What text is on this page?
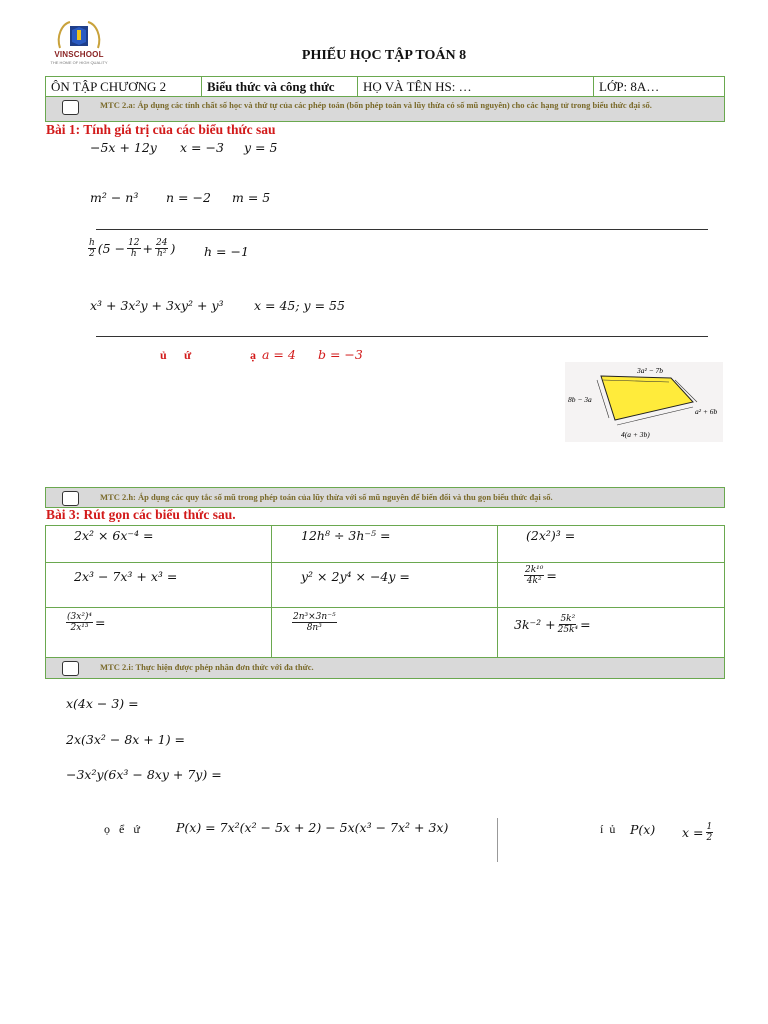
VINSCHOOL
THE HOME OF HIGH QUALITY	PHIẾU HỌC TẬP TOÁN 8
ÔN TẬP CHƯƠNG 2	Biểu thức và công thức	HỌ VÀ TÊN HS: …	LỚP: 8A…
MTC 2.a: Áp dụng các tính chất số học và thứ tự của các phép toán (bốn phép toán và lũy thừa có số mũ nguyên) cho các hạng tử trong biểu thức đại số.
Bài 1: Tính giá trị của các biểu thức sau
−5x + 12y x = −3 y = 5
m² − n³ n = −2 m = 5
$\frac{h}{2} (5 - \frac{12}{h} + \frac{24}{\text{h²}}$ ) h = −1
x³ + 3x²y + 3xy² + y³ x = 45; y = 55
ủ ứ	ạ a = 4 b = −3
3a² − 7b
8b − 3a
a² + 6b
4(a + 3b)
MTC 2.h: Áp dụng các quy tắc số mũ trong phép toán của lũy thừa với số mũ nguyên để biến đổi và thu gọn biểu thức đại số.
Bài 3: Rút gọn các biểu thức sau.
2x² × 6x⁻⁴ =	12h⁸ ÷ 3h⁻⁵ =	(2x²)³ =
2x³ − 7x³ + x³ =	y² × 2y⁴ × −4y =	$\frac{\text{2k¹⁰}}{\text{4k²}}$ =
$\frac{\text{(3x²)⁴}}{\text{2x¹³}}$ =	$\frac{\text{2n³×3n⁻⁵}}{\text{8n³}}$	$3k^{-2} + \frac{\text{5k²}}{\text{25k⁴}}$ =
MTC 2.i: Thực hiện được phép nhân đơn thức với đa thức.
x(4x − 3) =
2x(3x² − 8x + 1) =
−3x²y(6x³ − 8xy + 7y) =
ọ   ể   ứ	P(x) = 7x²(x² − 5x + 2) − 5x(x³ − 7x² + 3x)	í  ủ P(x) $x = \frac{1}{2}$
